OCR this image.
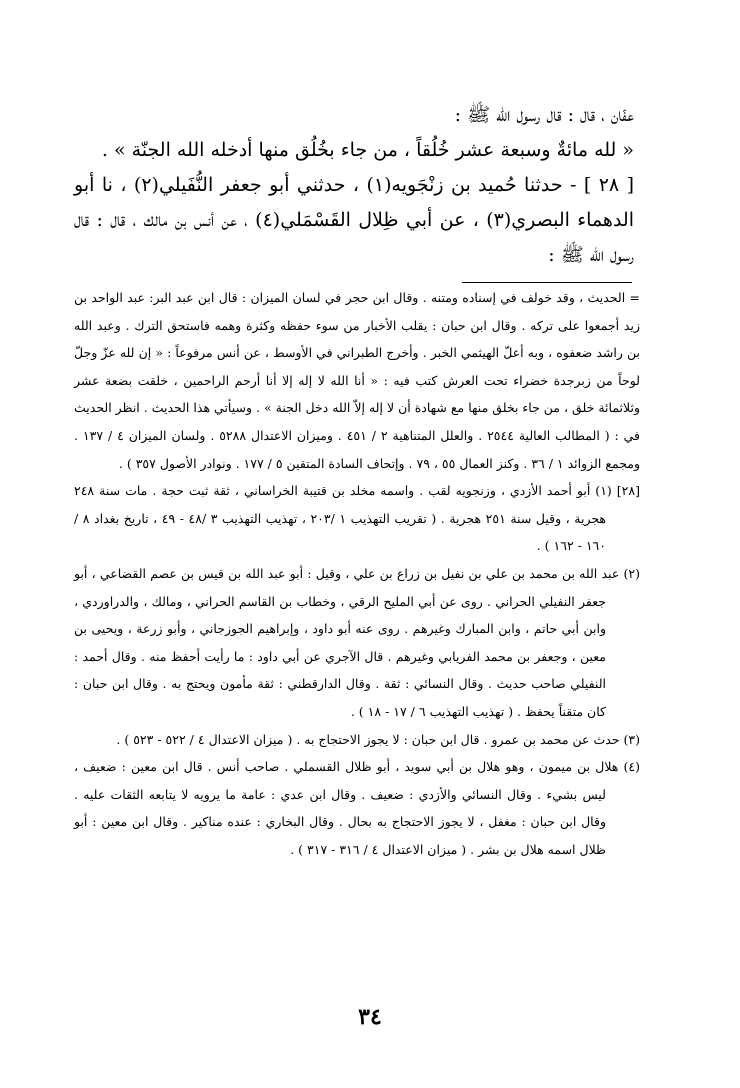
عفّان ، قال : قال رسول الله ﷺ :

« لله مائةٌ وسبعة عشر خُلُقاً ، من جاء بخُلُق منها أدخله الله الجنّة » .

[ ٢٨ ] - حدثنا حُميد بن زنْجَويه(١) ، حدثني أبو جعفر النُّفَيلي(٢) ، نا أبو الدهماء البصري(٣) ، عن أبي ظِلال القَسْمَلي(٤) ، عن أنس بن مالك ، قال : قال رسول الله ﷺ :

= الحديث ، وقد خولف في إسناده ومتنه . وقال ابن حجر في لسان الميزان : قال ابن عبد البر: عبد الواحد بن زيد أجمعوا على تركه . وقال ابن حبان : يقلب الأخبار من سوء حفظه وكثرة وهمه فاستحق الترك . وعبد الله بن راشد ضعفوه ، وبه أعلّ الهيثمي الخبر . وأخرج الطبراني في الأوسط ، عن أنس مرفوعاً : « إن لله عزّ وجلّ لوحاً من زبرجدة خضراء تحت العرش كتب فيه : « أنا الله لا إله إلا أنا أرحم الراحمين ، خلقت بضعة عشر وثلاثمائة خلق ، من جاء بخلق منها مع شهادة أن لا إله إلاّ الله دخل الجنة » . وسيأتي هذا الحديث . انظر الحديث في : ( المطالب العالية ٢٥٤٤ . والعلل المتناهية ٢ / ٤٥١ . وميزان الاعتدال ٥٢٨٨ . ولسان الميزان ٤ / ١٣٧ . ومجمع الزوائد ١ / ٣٦ . وكنز العمال ٥٥ ، ٧٩ . وإتحاف السادة المتقين ٥ / ١٧٧ . ونوادر الأصول ٣٥٧ ) .

[٢٨] (١) أبو أحمد الأزدي ، وزنجويه لقب . واسمه مخلد بن قتيبة الخراساني ، ثقة ثبت حجة . مات سنة ٢٤٨ هجرية ، وقيل سنة ٢٥١ هجرية . ( تقريب التهذيب ١ /٢٠٣ ، تهذيب التهذيب ٣ /٤٨ - ٤٩ ، تاريخ بغداد ٨ /١٦٠ - ١٦٢ ) .

(٢) عبد الله بن محمد بن علي بن نفيل بن زراع بن علي ، وقيل : أبو عبد الله بن قيس بن عصم القضاعي ، أبو جعفر النفيلي الحراني . روى عن أبي المليح الرقي ، وخطاب بن القاسم الحراني ، ومالك ، والدراوردي ، وابن أبي حاتم ، وابن المبارك وغيرهم . روى عنه أبو داود ، وإبراهيم الجوزجاني ، وأبو زرعة ، ويحيى بن معين ، وجعفر بن محمد الفريابي وغيرهم . قال الآجري عن أبي داود : ما رأيت أحفظ منه . وقال أحمد : النفيلي صاحب حديث . وقال النسائي : ثقة . وقال الدارقطني : ثقة مأمون ويحتج به . وقال ابن حبان : كان متقناً يحفظ . ( تهذيب التهذيب ٦ / ١٧ - ١٨ ) .

(٣) حدث عن محمد بن عمرو . قال ابن حبان : لا يجوز الاحتجاج به . ( ميزان الاعتدال ٤ / ٥٢٢ - ٥٢٣ ) .

(٤) هلال بن ميمون ، وهو هلال بن أبي سويد ، أبو ظلال القسملي . صاحب أنس . قال ابن معين : ضعيف ، ليس بشيء . وقال النسائي والأزدي : ضعيف . وقال ابن عدي : عامة ما يرويه لا يتابعه الثقات عليه . وقال ابن حبان : مغفل ، لا يجوز الاحتجاج به بحال . وقال البخاري : عنده مناكير . وقال ابن معين : أبو ظلال اسمه هلال بن بشر . ( ميزان الاعتدال ٤ / ٣١٦ - ٣١٧ ) .

٣٤
